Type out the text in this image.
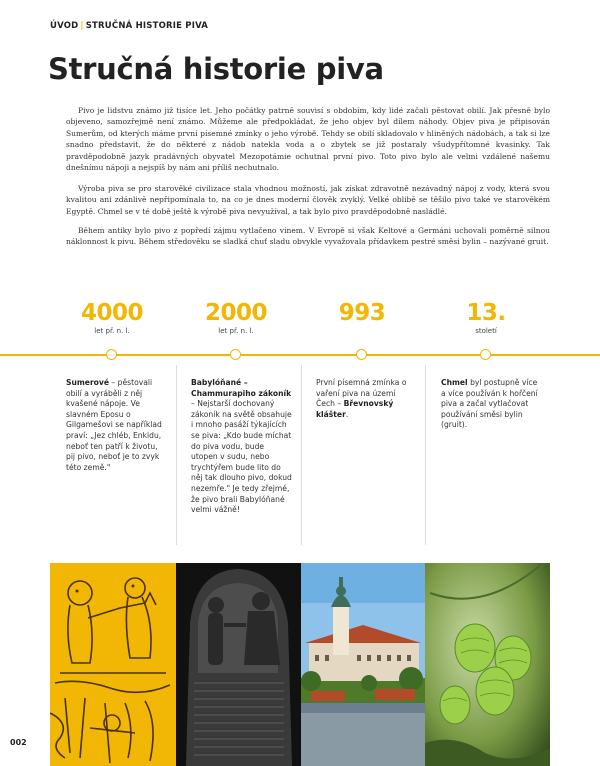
ÚVOD | STRUČNÁ HISTORIE PIVA
Stručná historie piva

Pivo je lidstvu známo již tisíce let. Jeho počátky patrně souvisí s obdobím, kdy lidé začali pěstovat obilí. Jak přesně bylo objeveno, samozřejmě není známo. Můžeme ale předpokládat, že jeho objev byl dílem náhody. Objev piva je připisován Sumerům, od kterých máme první písemné zmínky o jeho výrobě. Tehdy se obilí skladovalo v hliněných nádobách, a tak si lze snadno představit, že do některé z nádob natekla voda a o zbytek se již postaraly všudypřítomné kvasinky. Tak pravděpodobně jazyk pradávných obyvatel Mezopotámie ochutnal první pivo. Toto pivo bylo ale velmi vzdálené našemu dnešnímu nápoji a nejspíš by nám ani příliš nechutnalo.

Výroba piva se pro starověké civilizace stala vhodnou možností, jak získat zdravotně nezávadný nápoj z vody, která svou kvalitou ani zdánlivě nepřipomínala to, na co je dnes moderní člověk zvyklý. Velké oblibě se těšilo pivo také ve starověkém Egyptě. Chmel se v té době ještě k výrobě piva nevyužíval, a tak bylo pivo pravděpodobně nasládlé.

Během antiky bylo pivo z popředí zájmu vytlačeno vínem. V Evropě si však Keltové a Germáni uchovali poměrně silnou náklonnost k pivu. Během středověku se sladká chuť sladu obvykle vyvažovala přídavkem pestré směsi bylin – nazývané gruit.

4000
let př. n. l.
2000
let př. n. l.
993	13.
století
Sumerové – pěstovali obilí a vyráběli z něj kvašené nápoje. Ve slavném Eposu o Gilgamešovi se například praví: „Jez chléb, Enkidu, neboť ten patří k životu, pij pivo, neboť je to zvyk této země."
Babylóňané – Chammurapiho zákoník – Nejstarší dochovaný zákoník na světě obsahuje i mnoho pasáží týkajících se piva: „Kdo bude míchat do piva vodu, bude utopen v sudu, nebo trychtýřem bude lito do něj tak dlouho pivo, dokud nezemře." Je tedy zřejmé, že pivo brali Babylóňané velmi vážně!
První písemná zmínka o vaření piva na území Čech – Břevnovský klášter.
Chmel byl postupně více a více používán k hořčení piva a začal vytlačovat používání směsi bylin (gruit).
002
